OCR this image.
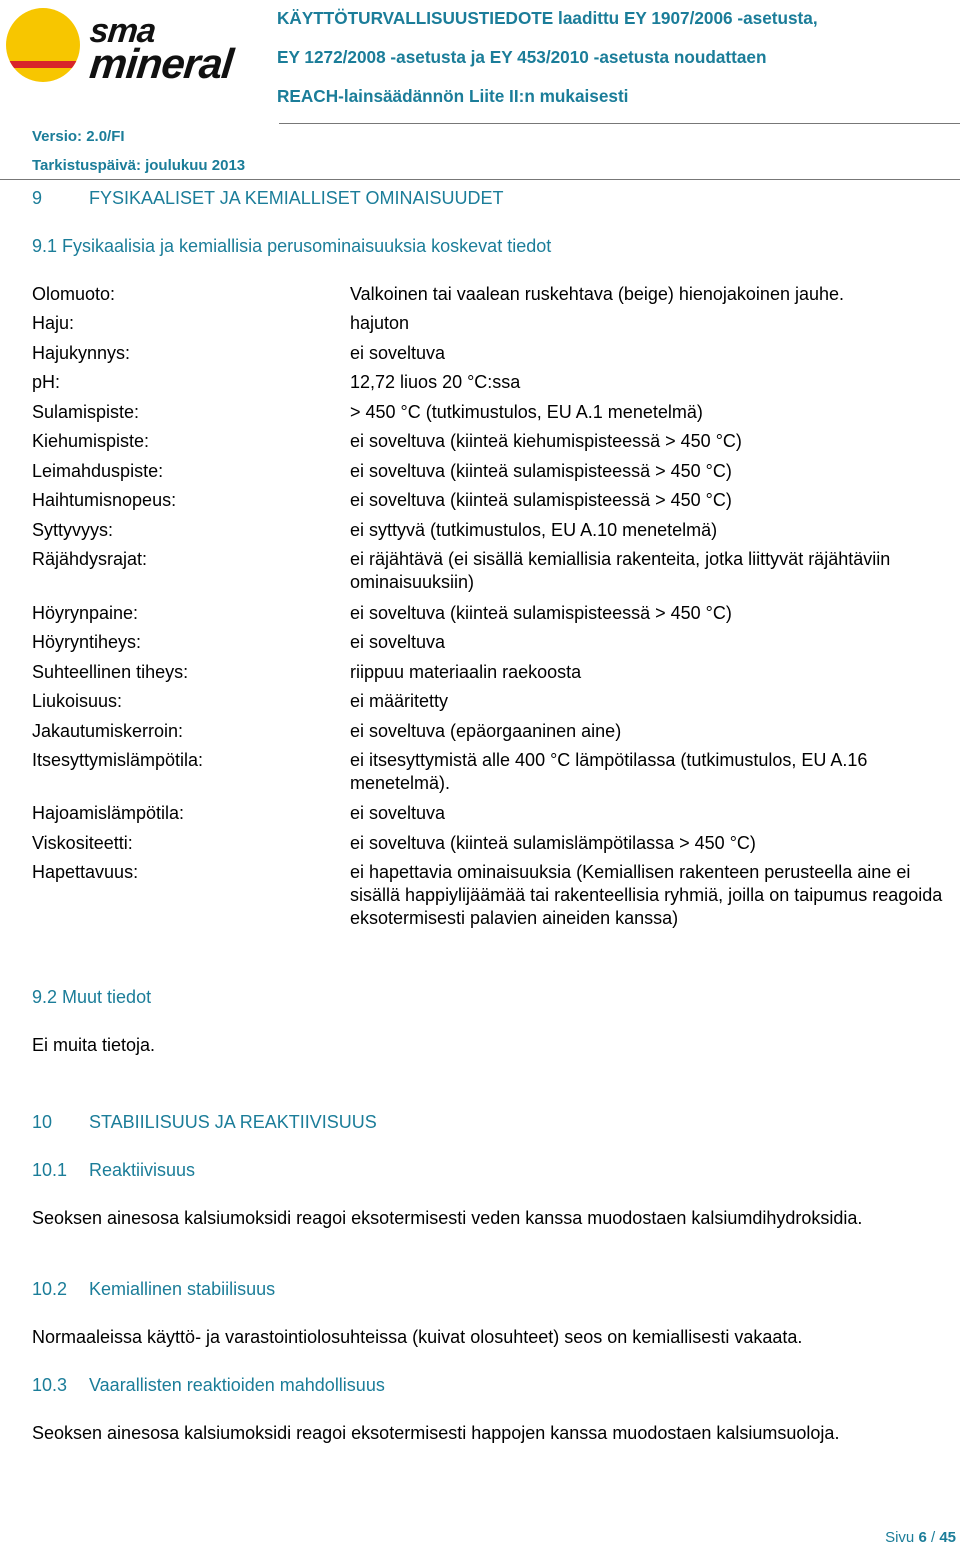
sma
mineral
KÄYTTÖTURVALLISUUSTIEDOTE laadittu EY 1907/2006 -asetusta,
EY 1272/2008 -asetusta ja EY 453/2010 -asetusta noudattaen
REACH-lainsäädännön Liite II:n mukaisesti
Versio: 2.0/FI
Tarkistuspäivä: joulukuu 2013
9	FYSIKAALISET JA KEMIALLISET OMINAISUUDET
9.1 Fysikaalisia ja kemiallisia perusominaisuuksia koskevat tiedot
Olomuoto:	Valkoinen tai vaalean ruskehtava (beige) hienojakoinen jauhe.
Haju:	hajuton
Hajukynnys:	ei soveltuva
pH:	12,72 liuos 20 °C:ssa
Sulamispiste:	> 450 °C (tutkimustulos, EU A.1 menetelmä)
Kiehumispiste:	ei soveltuva (kiinteä kiehumispisteessä > 450 °C)
Leimahduspiste:	ei soveltuva (kiinteä sulamispisteessä > 450 °C)
Haihtumisnopeus:	ei soveltuva (kiinteä sulamispisteessä > 450 °C)
Syttyvyys:	ei syttyvä (tutkimustulos, EU A.10 menetelmä)
Räjähdysrajat:	ei räjähtävä (ei sisällä kemiallisia rakenteita, jotka liittyvät räjähtäviin ominaisuuksiin)
Höyrynpaine:	ei soveltuva (kiinteä sulamispisteessä > 450 °C)
Höyryntiheys:	ei soveltuva
Suhteellinen tiheys:	riippuu materiaalin raekoosta
Liukoisuus:	ei määritetty
Jakautumiskerroin:	ei soveltuva (epäorgaaninen aine)
Itsesyttymislämpötila:	ei itsesyttymistä alle 400 °C lämpötilassa (tutkimustulos, EU A.16 menetelmä).
Hajoamislämpötila:	ei soveltuva
Viskositeetti:	ei soveltuva (kiinteä sulamislämpötilassa > 450 °C)
Hapettavuus:	ei hapettavia ominaisuuksia (Kemiallisen rakenteen perusteella aine ei sisällä happiylijäämää tai rakenteellisia ryhmiä, joilla on taipumus reagoida eksotermisesti palavien aineiden kanssa)
9.2 Muut tiedot
Ei muita tietoja.
10 STABIILISUUS JA REAKTIIVISUUS
10.1 Reaktiivisuus
Seoksen ainesosa kalsiumoksidi reagoi eksotermisesti veden kanssa muodostaen kalsiumdihydroksidia.
10.2 Kemiallinen stabiilisuus
Normaaleissa käyttö- ja varastointiolosuhteissa (kuivat olosuhteet) seos on kemiallisesti vakaata.
10.3 Vaarallisten reaktioiden mahdollisuus
Seoksen ainesosa kalsiumoksidi reagoi eksotermisesti happojen kanssa muodostaen kalsiumsuoloja.
Sivu 6 / 45
